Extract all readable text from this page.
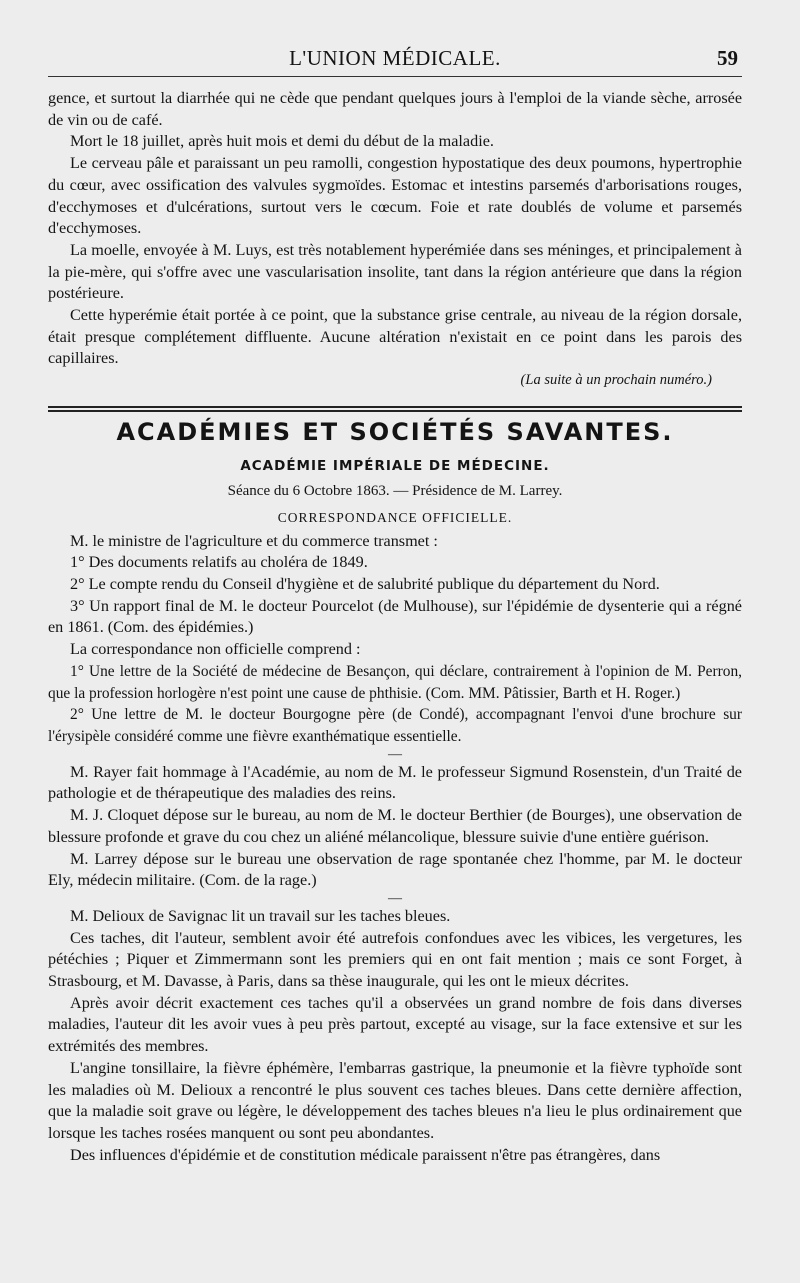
L'UNION MÉDICALE.	59

gence, et surtout la diarrhée qui ne cède que pendant quelques jours à l'emploi de la viande sèche, arrosée de vin ou de café.

Mort le 18 juillet, après huit mois et demi du début de la maladie.

Le cerveau pâle et paraissant un peu ramolli, congestion hypostatique des deux poumons, hypertrophie du cœur, avec ossification des valvules sygmoïdes. Estomac et intestins parsemés d'arborisations rouges, d'ecchymoses et d'ulcérations, surtout vers le cœcum. Foie et rate doublés de volume et parsemés d'ecchymoses.

La moelle, envoyée à M. Luys, est très notablement hyperémiée dans ses méninges, et principalement à la pie-mère, qui s'offre avec une vascularisation insolite, tant dans la région antérieure que dans la région postérieure.

Cette hyperémie était portée à ce point, que la substance grise centrale, au niveau de la région dorsale, était presque complétement diffluente. Aucune altération n'existait en ce point dans les parois des capillaires.

(La suite à un prochain numéro.)

ACADÉMIES ET SOCIÉTÉS SAVANTES.
ACADÉMIE IMPÉRIALE DE MÉDECINE.
Séance du 6 Octobre 1863. — Présidence de M. Larrey.
CORRESPONDANCE OFFICIELLE.

M. le ministre de l'agriculture et du commerce transmet :

1° Des documents relatifs au choléra de 1849.

2° Le compte rendu du Conseil d'hygiène et de salubrité publique du département du Nord.

3° Un rapport final de M. le docteur Pourcelot (de Mulhouse), sur l'épidémie de dysenterie qui a régné en 1861. (Com. des épidémies.)

La correspondance non officielle comprend :

1° Une lettre de la Société de médecine de Besançon, qui déclare, contrairement à l'opinion de M. Perron, que la profession horlogère n'est point une cause de phthisie. (Com. MM. Pâtissier, Barth et H. Roger.)

2° Une lettre de M. le docteur Bourgogne père (de Condé), accompagnant l'envoi d'une brochure sur l'érysipèle considéré comme une fièvre exanthématique essentielle.

—

M. Rayer fait hommage à l'Académie, au nom de M. le professeur Sigmund Rosenstein, d'un Traité de pathologie et de thérapeutique des maladies des reins.

M. J. Cloquet dépose sur le bureau, au nom de M. le docteur Berthier (de Bourges), une observation de blessure profonde et grave du cou chez un aliéné mélancolique, blessure suivie d'une entière guérison.

M. Larrey dépose sur le bureau une observation de rage spontanée chez l'homme, par M. le docteur Ely, médecin militaire. (Com. de la rage.)

—

M. Delioux de Savignac lit un travail sur les taches bleues.

Ces taches, dit l'auteur, semblent avoir été autrefois confondues avec les vibices, les vergetures, les pétéchies ; Piquer et Zimmermann sont les premiers qui en ont fait mention ; mais ce sont Forget, à Strasbourg, et M. Davasse, à Paris, dans sa thèse inaugurale, qui les ont le mieux décrites.

Après avoir décrit exactement ces taches qu'il a observées un grand nombre de fois dans diverses maladies, l'auteur dit les avoir vues à peu près partout, excepté au visage, sur la face extensive et sur les extrémités des membres.

L'angine tonsillaire, la fièvre éphémère, l'embarras gastrique, la pneumonie et la fièvre typhoïde sont les maladies où M. Delioux a rencontré le plus souvent ces taches bleues. Dans cette dernière affection, que la maladie soit grave ou légère, le développement des taches bleues n'a lieu le plus ordinairement que lorsque les taches rosées manquent ou sont peu abondantes.

Des influences d'épidémie et de constitution médicale paraissent n'être pas étrangères, dans
